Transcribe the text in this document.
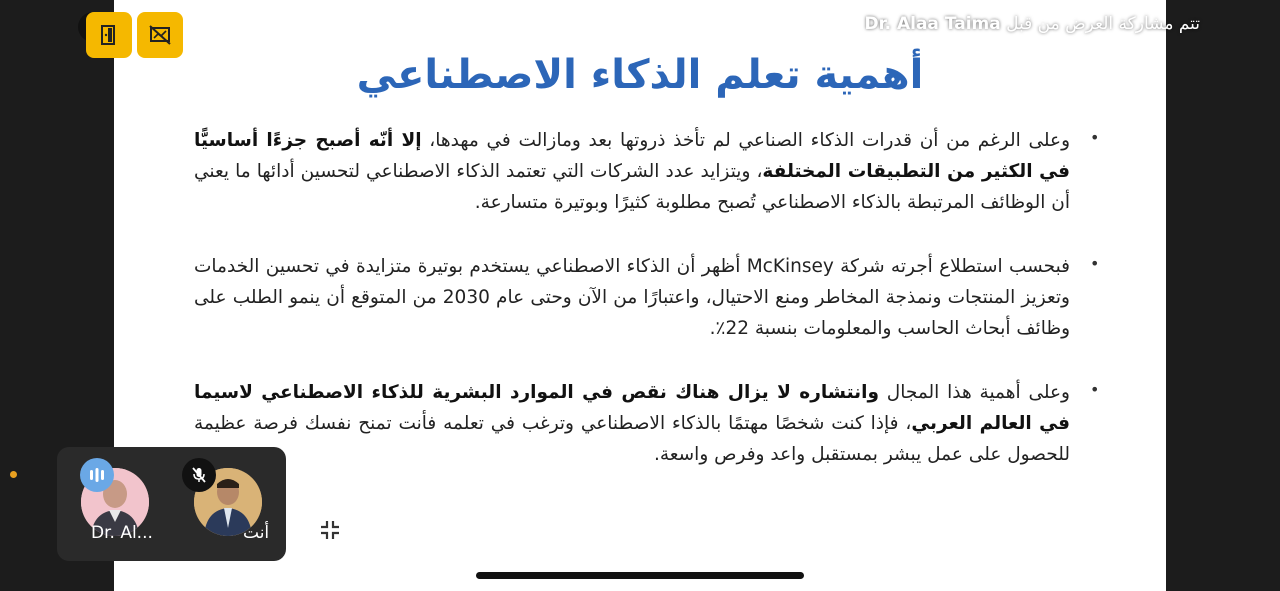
أهمية تعلم الذكاء الاصطناعي
•
وعلى الرغم من أن قدرات الذكاء الصناعي لم تأخذ ذروتها بعد ومازالت في مهدها، إلا أنّه أصبح جزءًا أساسيًّا في الكثير من التطبيقات المختلفة، ويتزايد عدد الشركات التي تعتمد الذكاء الاصطناعي لتحسين أدائها ما يعني أن الوظائف المرتبطة بالذكاء الاصطناعي تُصبح مطلوبة كثيرًا وبوتيرة متسارعة.
•
فبحسب استطلاع أجرته شركة McKinsey أظهر أن الذكاء الاصطناعي يستخدم بوتيرة متزايدة في تحسين الخدمات وتعزيز المنتجات ونمذجة المخاطر ومنع الاحتيال، واعتبارًا من الآن وحتى عام 2030 من المتوقع أن ينمو الطلب على وظائف أبحاث الحاسب والمعلومات بنسبة 22٪.
•
وعلى أهمية هذا المجال وانتشاره لا يزال هناك نقص في الموارد البشرية للذكاء الاصطناعي لاسيما في العالم العربي، فإذا كنت شخصًا مهتمًا بالذكاء الاصطناعي وترغب في تعلمه فأنت تمنح نفسك فرصة عظيمة للحصول على عمل يبشر بمستقبل واعد وفرص واسعة.
تتم مشاركة العرض من قبل Dr. Alaa Taima
Dr. Al...	أنت
